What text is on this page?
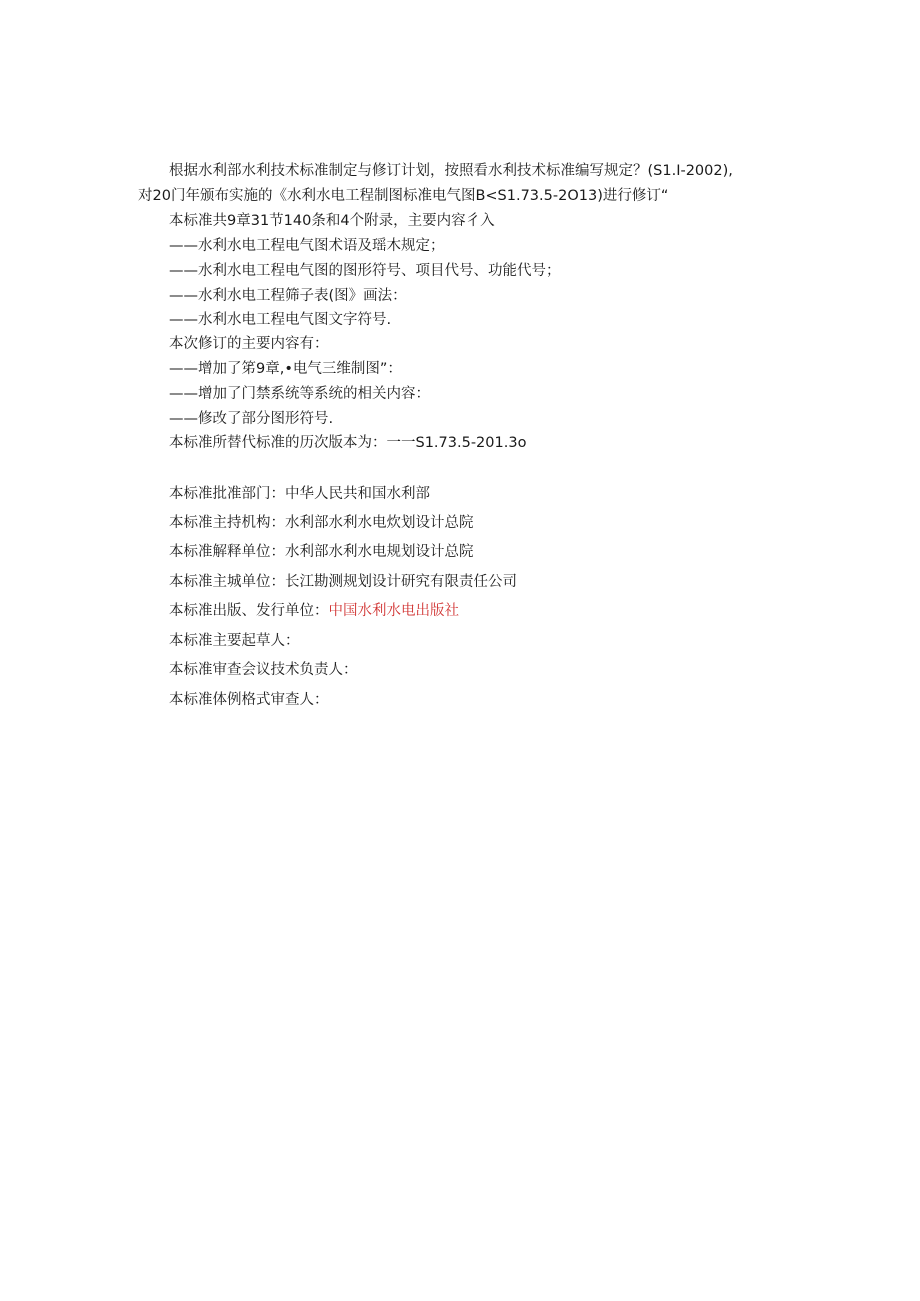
根据水利部水利技术标准制定与修订计划，按照看水利技术标准编写规定？(S1.I-2002),
对20门年颁布实施的《水利水电工程制图标准电气图B<S1.73.5-2O13)进行修订“
本标准共9章31节140条和4个附录，主要内容彳入
——水利水电工程电气图术语及瑶木规定；
——水利水电工程电气图的图形符号、项目代号、功能代号；
——水利水电工程筛子表(图》画法：
——水利水电工程电气图文字符号.
本次修订的主要内容有：
——增加了笫9章,•电气三维制图”：
——增加了门禁系统等系统的相关内容：
——修改了部分图形符号.
本标准所替代标准的历次版本为：一一S1.73.5-201.3o
本标准批准部门：中华人民共和国水利部
本标准主持机构：水利部水利水电炊划设计总院
本标准解释单位：水利部水利水电规划设计总院
本标准主城单位：长江勘测规划设计研究有限责任公司
本标准出版、发行单位：中国水利水电出版社
本标准主要起草人：
本标准审查会议技术负责人：
本标准体例格式审查人：
